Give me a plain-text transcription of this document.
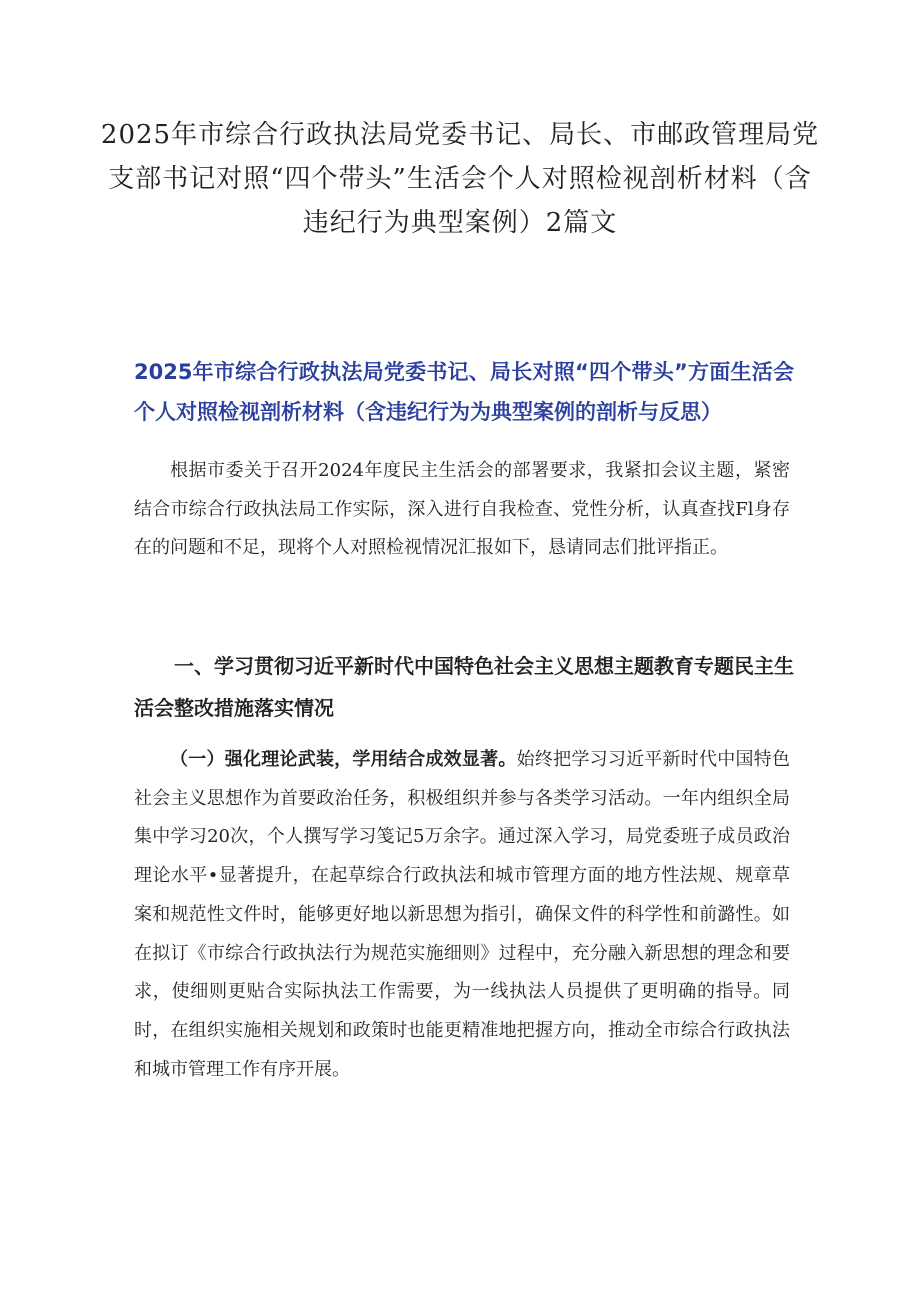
2025年市综合行政执法局党委书记、局长、市邮政管理局党支部书记对照“四个带头”生活会个人对照检视剖析材料（含违纪行为典型案例）2篇文
2025年市综合行政执法局党委书记、局长对照“四个带头”方面生活会个人对照检视剖析材料（含违纪行为为典型案例的剖析与反思）

根据市委关于召开2024年度民主生活会的部署要求，我紧扣会议主题，紧密结合市综合行政执法局工作实际，深入进行自我检查、党性分析，认真查找Fl身存在的问题和不足，现将个人对照检视情况汇报如下，恳请同志们批评指正。

一、学习贯彻习近平新时代中国特色社会主义思想主题教育专题民主生活会整改措施落实情况

（一）强化理论武装，学用结合成效显著。始终把学习习近平新时代中国特色社会主义思想作为首要政治任务，积极组织并参与各类学习活动。一年内组织全局集中学习20次，个人撰写学习笺记5万余字。通过深入学习，局党委班子成员政治理论水平•显著提升，在起草综合行政执法和城市管理方面的地方性法规、规章草案和规范性文件时，能够更好地以新思想为指引，确保文件的科学性和前潞性。如在拟订《市综合行政执法行为规范实施细则》过程中，充分融入新思想的理念和要求，使细则更贴合实际执法工作需要，为一线执法人员提供了更明确的指导。同时，在组织实施相关规划和政策时也能更精准地把握方向，推动全市综合行政执法和城市管理工作有序开展。
